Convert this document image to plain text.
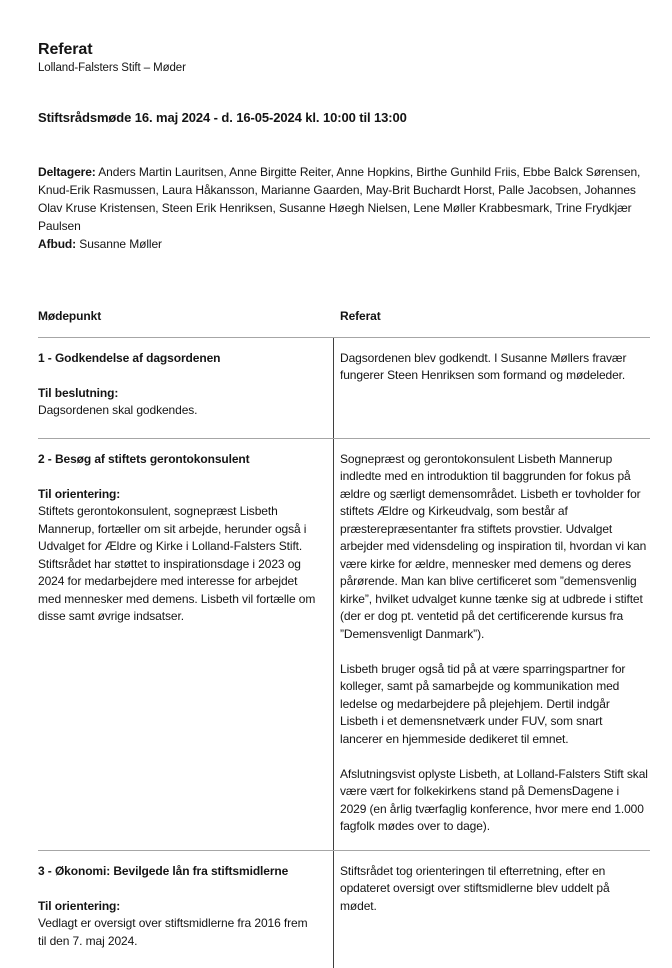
Referat
Lolland-Falsters Stift – Møder
Stiftsrådsmøde 16. maj 2024 - d. 16-05-2024 kl. 10:00 til 13:00
Deltagere: Anders Martin Lauritsen, Anne Birgitte Reiter, Anne Hopkins, Birthe Gunhild Friis, Ebbe Balck Sørensen, Knud-Erik Rasmussen, Laura Håkansson, Marianne Gaarden, May-Brit Buchardt Horst, Palle Jacobsen, Johannes Olav Kruse Kristensen, Steen Erik Henriksen, Susanne Høegh Nielsen, Lene Møller Krabbesmark, Trine Frydkjær Paulsen
Afbud: Susanne Møller
Mødepunkt	Referat
1 - Godkendelse af dagsordenen
Til beslutning:

Dagsordenen skal godkendes.

Dagsordenen blev godkendt. I Susanne Møllers fravær fungerer Steen Henriksen som formand og mødeleder.

2 - Besøg af stiftets gerontokonsulent
Til orientering:

Stiftets gerontokonsulent, sognepræst Lisbeth Mannerup, fortæller om sit arbejde, herunder også i Udvalget for Ældre og Kirke i Lolland-Falsters Stift. Stiftsrådet har støttet to inspirationsdage i 2023 og 2024 for medarbejdere med interesse for arbejdet med mennesker med demens. Lisbeth vil fortælle om disse samt øvrige indsatser.

Sognepræst og gerontokonsulent Lisbeth Mannerup indledte med en introduktion til baggrunden for fokus på ældre og særligt demensområdet. Lisbeth er tovholder for stiftets Ældre og Kirkeudvalg, som består af præsterepræsentanter fra stiftets provstier. Udvalget arbejder med vidensdeling og inspiration til, hvordan vi kan være kirke for ældre, mennesker med demens og deres pårørende. Man kan blive certificeret som ”demensvenlig kirke”, hvilket udvalget kunne tænke sig at udbrede i stiftet (der er dog pt. ventetid på det certificerende kursus fra ”Demensvenligt Danmark”).

Lisbeth bruger også tid på at være sparringspartner for kolleger, samt på samarbejde og kommunikation med ledelse og medarbejdere på plejehjem. Dertil indgår Lisbeth i et demensnetværk under FUV, som snart lancerer en hjemmeside dedikeret til emnet.

Afslutningsvist oplyste Lisbeth, at Lolland-Falsters Stift skal være vært for folkekirkens stand på DemensDagene i 2029 (en årlig tværfaglig konference, hvor mere end 1.000 fagfolk mødes over to dage).

3 - Økonomi: Bevilgede lån fra stiftsmidlerne
Til orientering:

Vedlagt er oversigt over stiftsmidlerne fra 2016 frem til den 7. maj 2024.

Stiftsrådet tog orienteringen til efterretning, efter en opdateret oversigt over stiftsmidlerne blev uddelt på mødet.
